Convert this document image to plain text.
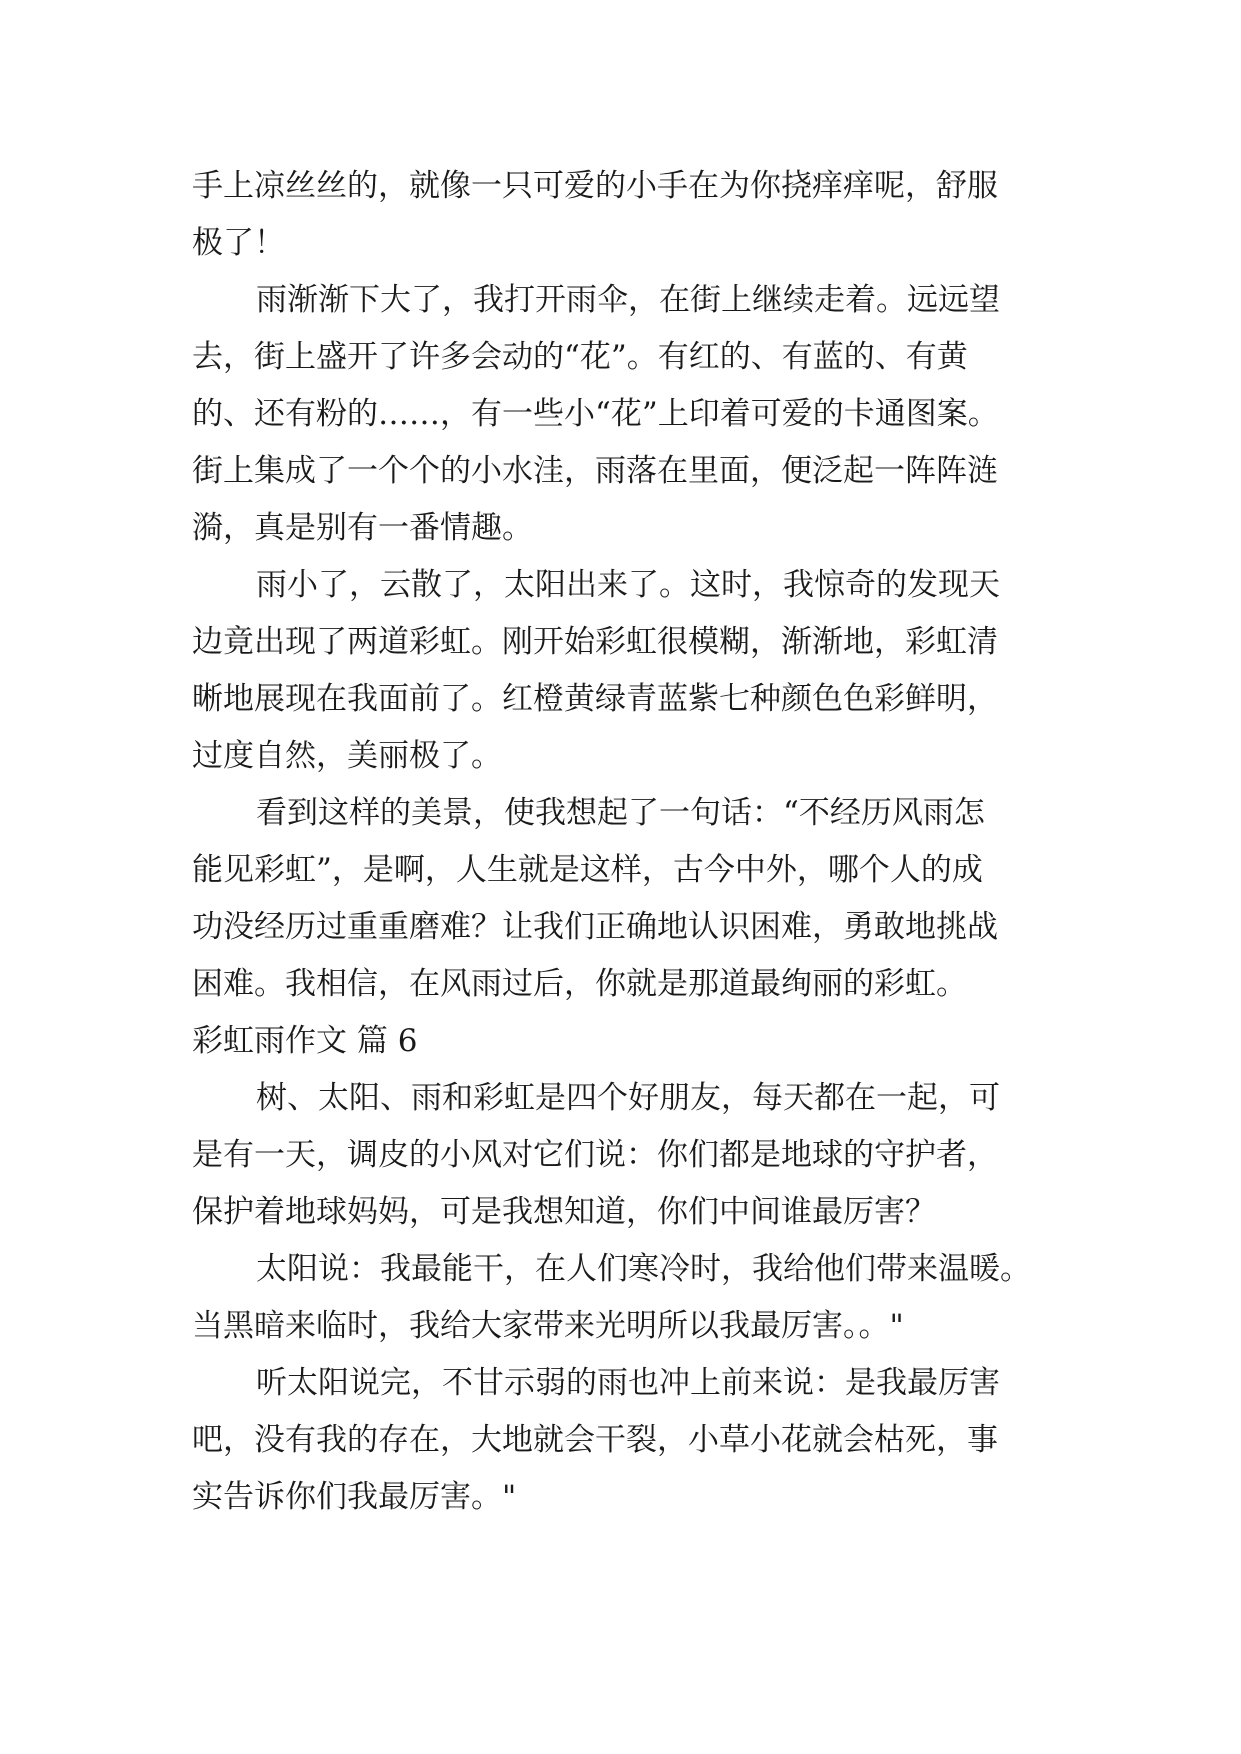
手上凉丝丝的，就像一只可爱的小手在为你挠痒痒呢，舒服
极了！
雨渐渐下大了，我打开雨伞，在街上继续走着。远远望
去，街上盛开了许多会动的“花”。有红的、有蓝的、有黄
的、还有粉的……，有一些小“花”上印着可爱的卡通图案。
街上集成了一个个的小水洼，雨落在里面，便泛起一阵阵涟
漪，真是别有一番情趣。
雨小了，云散了，太阳出来了。这时，我惊奇的发现天
边竟出现了两道彩虹。刚开始彩虹很模糊，渐渐地，彩虹清
晰地展现在我面前了。红橙黄绿青蓝紫七种颜色色彩鲜明，
过度自然，美丽极了。
看到这样的美景，使我想起了一句话：“不经历风雨怎
能见彩虹”，是啊，人生就是这样，古今中外，哪个人的成
功没经历过重重磨难？让我们正确地认识困难，勇敢地挑战
困难。我相信，在风雨过后，你就是那道最绚丽的彩虹。
彩虹雨作文 篇 6
树、太阳、雨和彩虹是四个好朋友，每天都在一起，可
是有一天，调皮的小风对它们说：你们都是地球的守护者，
保护着地球妈妈，可是我想知道，你们中间谁最厉害？
太阳说：我最能干，在人们寒冷时，我给他们带来温暖。
当黑暗来临时，我给大家带来光明所以我最厉害。。"
听太阳说完，不甘示弱的雨也冲上前来说：是我最厉害
吧，没有我的存在，大地就会干裂，小草小花就会枯死，事
实告诉你们我最厉害。"
